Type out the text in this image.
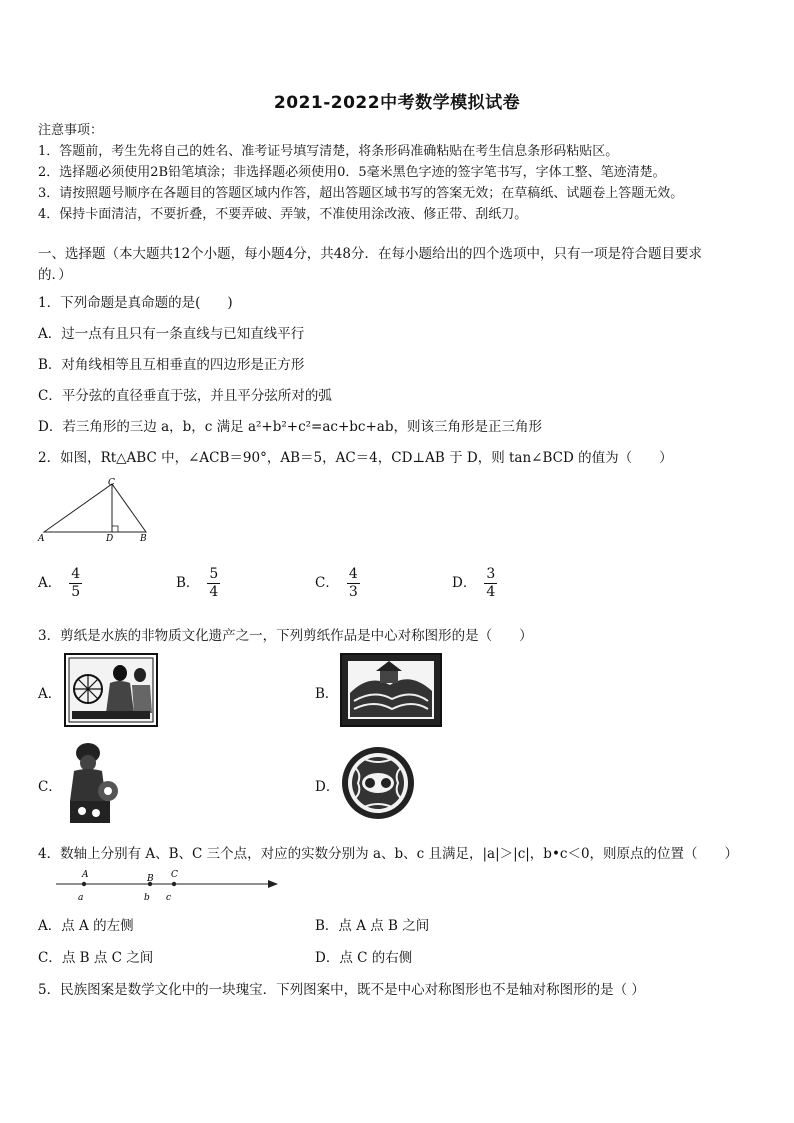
2021-2022中考数学模拟试卷
注意事项：
1．答题前，考生先将自己的姓名、准考证号填写清楚，将条形码准确粘贴在考生信息条形码粘贴区。
2．选择题必须使用2B铅笔填涂；非选择题必须使用0．5毫米黑色字迹的签字笔书写，字体工整、笔迹清楚。
3．请按照题号顺序在各题目的答题区域内作答，超出答题区域书写的答案无效；在草稿纸、试题卷上答题无效。
4．保持卡面清洁，不要折叠，不要弄破、弄皱，不准使用涂改液、修正带、刮纸刀。
一、选择题（本大题共12个小题，每小题4分，共48分．在每小题给出的四个选项中，只有一项是符合题目要求
的．）
1．下列命题是真命题的是(　　)
A．过一点有且只有一条直线与已知直线平行
B．对角线相等且互相垂直的四边形是正方形
C．平分弦的直径垂直于弦，并且平分弦所对的弧
D．若三角形的三边 a，b，c 满足 a²+b²+c²=ac+bc+ab，则该三角形是正三角形
2．如图，Rt△ABC 中，∠ACB＝90°，AB＝5，AC＝4，CD⊥AB 于 D，则 tan∠BCD 的值为（　　）
A
C
D	B
A． $\frac{4}{5}$	B． $\frac{5}{4}$	C． $\frac{4}{3}$	D． $\frac{3}{4}$
3．剪纸是水族的非物质文化遗产之一，下列剪纸作品是中心对称图形的是（　　）
A．	B．
C．	D．
4．数轴上分别有 A、B、C 三个点，对应的实数分别为 a、b、c 且满足，|a|＞|c|，b•c＜0，则原点的位置（　　）
A	B C
a	b c
A．点 A 的左侧	B．点 A 点 B 之间
C．点 B 点 C 之间	D．点 C 的右侧
5．民族图案是数学文化中的一块瑰宝．下列图案中，既不是中心对称图形也不是轴对称图形的是（ ）
